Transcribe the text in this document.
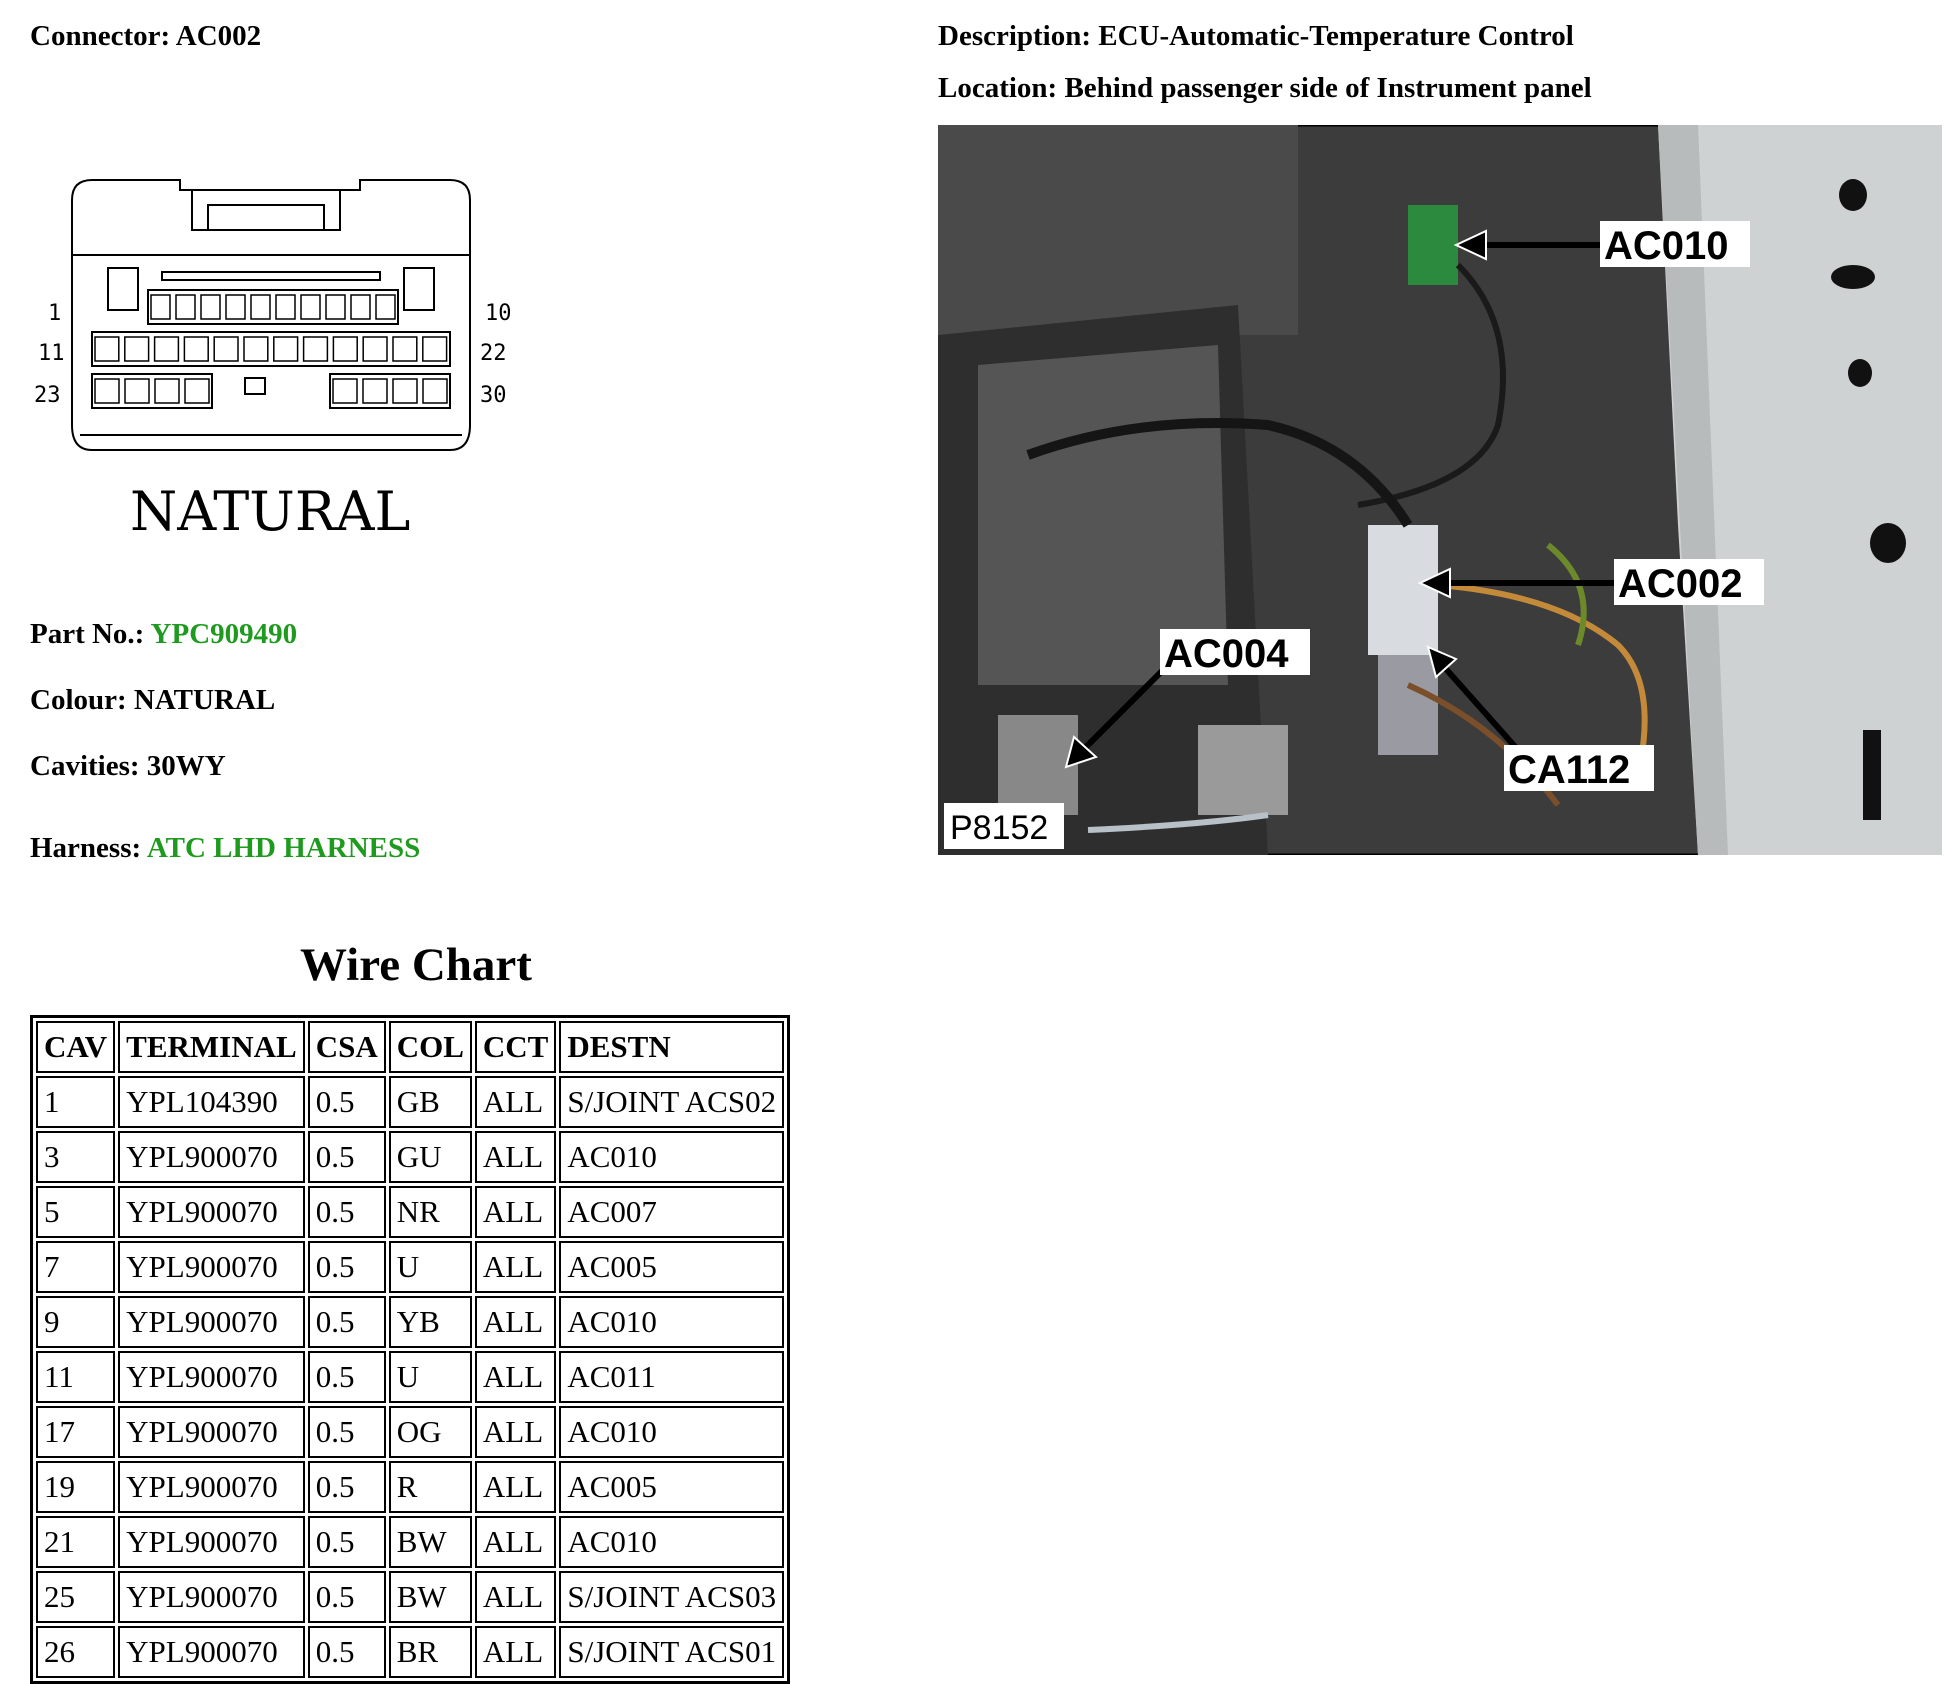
Connector: AC002	Description: ECU-Automatic-Temperature Control
Location: Behind passenger side of Instrument panel
1	10
11	22
23	30
NATURAL
Part No.: YPC909490
Colour: NATURAL
Cavities: 30WY
Harness: ATC LHD HARNESS
AC010
AC002
AC004
CA112
P8152
Wire Chart
CAV	TERMINAL	CSA	COL	CCT	DESTN
1	YPL104390	0.5	GB	ALL	S/JOINT ACS02
3	YPL900070	0.5	GU	ALL	AC010
5	YPL900070	0.5	NR	ALL	AC007
7	YPL900070	0.5	U	ALL	AC005
9	YPL900070	0.5	YB	ALL	AC010
11	YPL900070	0.5	U	ALL	AC011
17	YPL900070	0.5	OG	ALL	AC010
19	YPL900070	0.5	R	ALL	AC005
21	YPL900070	0.5	BW	ALL	AC010
25	YPL900070	0.5	BW	ALL	S/JOINT ACS03
26	YPL900070	0.5	BR	ALL	S/JOINT ACS01
